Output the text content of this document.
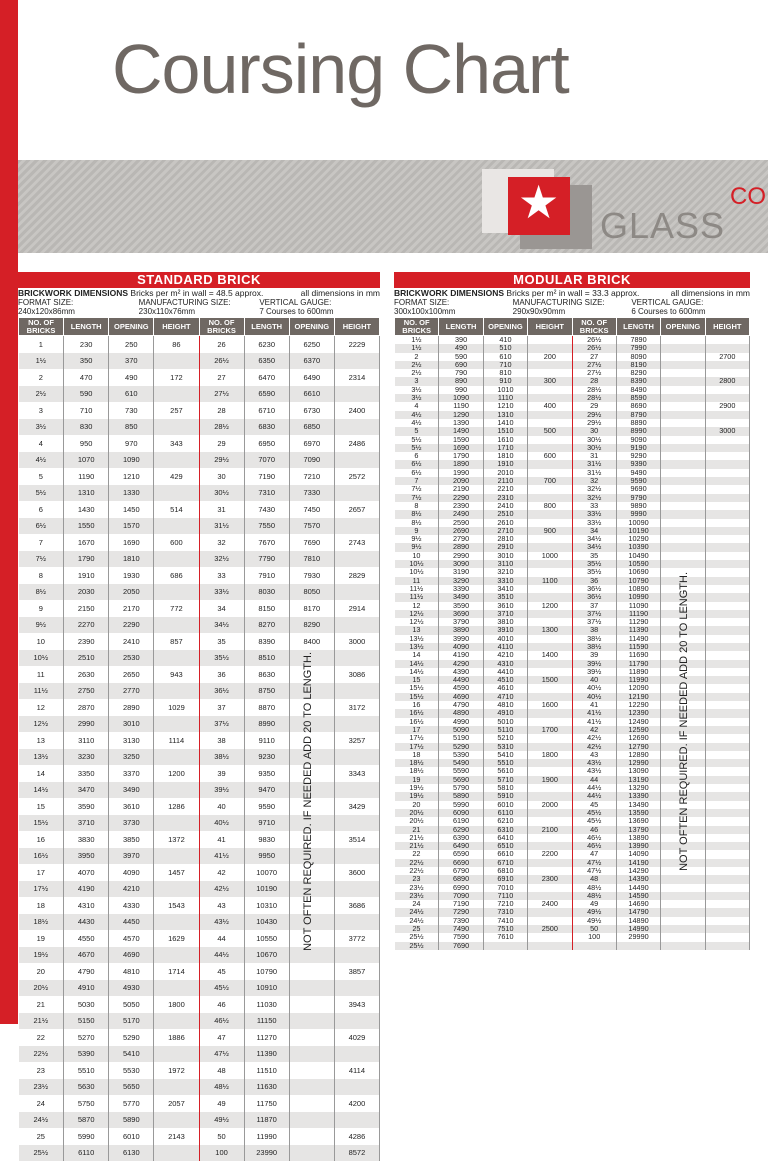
Coursing Chart
★	CO
GLASS
STANDARD BRICK
BRICKWORK DIMENSIONS Bricks per m² in wall = 48.5 approx.	all dimensions in mm
FORMAT SIZE:
240x120x86mm
MANUFACTURING SIZE:
230x110x76mm
VERTICAL GAUGE:
7 Courses to 600mm
NO. OF BRICKS	LENGTH	OPENING	HEIGHT	NO. OF BRICKS	LENGTH	OPENING	HEIGHT
1	230	250	86	26	6230	6250	2229
1½	350	370		26½	6350	6370	
2	470	490	172	27	6470	6490	2314
2½	590	610		27½	6590	6610	
3	710	730	257	28	6710	6730	2400
3½	830	850		28½	6830	6850	
4	950	970	343	29	6950	6970	2486
4½	1070	1090		29½	7070	7090	
5	1190	1210	429	30	7190	7210	2572
5½	1310	1330		30½	7310	7330	
6	1430	1450	514	31	7430	7450	2657
6½	1550	1570		31½	7550	7570	
7	1670	1690	600	32	7670	7690	2743
7½	1790	1810		32½	7790	7810	
8	1910	1930	686	33	7910	7930	2829
8½	2030	2050		33½	8030	8050	
9	2150	2170	772	34	8150	8170	2914
9½	2270	2290		34½	8270	8290	
10	2390	2410	857	35	8390	8400	3000
10½	2510	2530		35½	8510		
11	2630	2650	943	36	8630		3086
11½	2750	2770		36½	8750		
12	2870	2890	1029	37	8870		3172
12½	2990	3010		37½	8990		
13	3110	3130	1114	38	9110		3257
13½	3230	3250		38½	9230		
14	3350	3370	1200	39	9350		3343
14½	3470	3490		39½	9470		
15	3590	3610	1286	40	9590		3429
15½	3710	3730		40½	9710		
16	3830	3850	1372	41	9830		3514
16½	3950	3970		41½	9950		
17	4070	4090	1457	42	10070		3600
17½	4190	4210		42½	10190		
18	4310	4330	1543	43	10310		3686
18½	4430	4450		43½	10430		
19	4550	4570	1629	44	10550		3772
19½	4670	4690		44½	10670		
20	4790	4810	1714	45	10790		3857
20½	4910	4930		45½	10910		
21	5030	5050	1800	46	11030		3943
21½	5150	5170		46½	11150		
22	5270	5290	1886	47	11270		4029
22½	5390	5410		47½	11390		
23	5510	5530	1972	48	11510		4114
23½	5630	5650		48½	11630		
24	5750	5770	2057	49	11750		4200
24½	5870	5890		49½	11870		
25	5990	6010	2143	50	11990		4286
25½	6110	6130		100	23990		8572
NOT OFTEN REQUIRED. IF NEEDED ADD 20 TO LENGTH.
MODULAR BRICK
BRICKWORK DIMENSIONS Bricks per m² in wall = 33.3 approx.	all dimensions in mm
FORMAT SIZE:
300x100x100mm
MANUFACTURING SIZE:
290x90x90mm
VERTICAL GAUGE:
6 Courses to 600mm
NO. OF BRICKS	LENGTH	OPENING	HEIGHT	NO. OF BRICKS	LENGTH	OPENING	HEIGHT
1½	390	410		26½	7890		
1½	490	510		26½	7990		
2	590	610	200	27	8090		2700
2½	690	710		27½	8190		
2½	790	810		27½	8290		
3	890	910	300	28	8390		2800
3½	990	1010		28½	8490		
3½	1090	1110		28½	8590		
4	1190	1210	400	29	8690		2900
4½	1290	1310		29½	8790		
4½	1390	1410		29½	8890		
5	1490	1510	500	30	8990		3000
5½	1590	1610		30½	9090		
5½	1690	1710		30½	9190		
6	1790	1810	600	31	9290		
6½	1890	1910		31½	9390		
6½	1990	2010		31½	9490		
7	2090	2110	700	32	9590		
7½	2190	2210		32½	9690		
7½	2290	2310		32½	9790		
8	2390	2410	800	33	9890		
8½	2490	2510		33½	9990		
8½	2590	2610		33½	10090		
9	2690	2710	900	34	10190		
9½	2790	2810		34½	10290		
9½	2890	2910		34½	10390		
10	2990	3010	1000	35	10490		
10½	3090	3110		35½	10590		
10½	3190	3210		35½	10690		
11	3290	3310	1100	36	10790		
11½	3390	3410		36½	10890		
11½	3490	3510		36½	10990		
12	3590	3610	1200	37	11090		
12½	3690	3710		37½	11190		
12½	3790	3810		37½	11290		
13	3890	3910	1300	38	11390		
13½	3990	4010		38½	11490		
13½	4090	4110		38½	11590		
14	4190	4210	1400	39	11690		
14½	4290	4310		39½	11790		
14½	4390	4410		39½	11890		
15	4490	4510	1500	40	11990		
15½	4590	4610		40½	12090		
15½	4690	4710		40½	12190		
16	4790	4810	1600	41	12290		
16½	4890	4910		41½	12390		
16½	4990	5010		41½	12490		
17	5090	5110	1700	42	12590		
17½	5190	5210		42½	12690		
17½	5290	5310		42½	12790		
18	5390	5410	1800	43	12890		
18½	5490	5510		43½	12990		
18½	5590	5610		43½	13090		
19	5690	5710	1900	44	13190		
19½	5790	5810		44½	13290		
19½	5890	5910		44½	13390		
20	5990	6010	2000	45	13490		
20½	6090	6110		45½	13590		
20½	6190	6210		45½	13690		
21	6290	6310	2100	46	13790		
21½	6390	6410		46½	13890		
21½	6490	6510		46½	13990		
22	6590	6610	2200	47	14090		
22½	6690	6710		47½	14190		
22½	6790	6810		47½	14290		
23	6890	6910	2300	48	14390		
23½	6990	7010		48½	14490		
23½	7090	7110		48½	14590		
24	7190	7210	2400	49	14690		
24½	7290	7310		49½	14790		
24½	7390	7410		49½	14890		
25	7490	7510	2500	50	14990		
25½	7590	7610		100	29990		
25½	7690						
NOT OFTEN REQUIRED. IF NEEDED ADD 20 TO LENGTH.
